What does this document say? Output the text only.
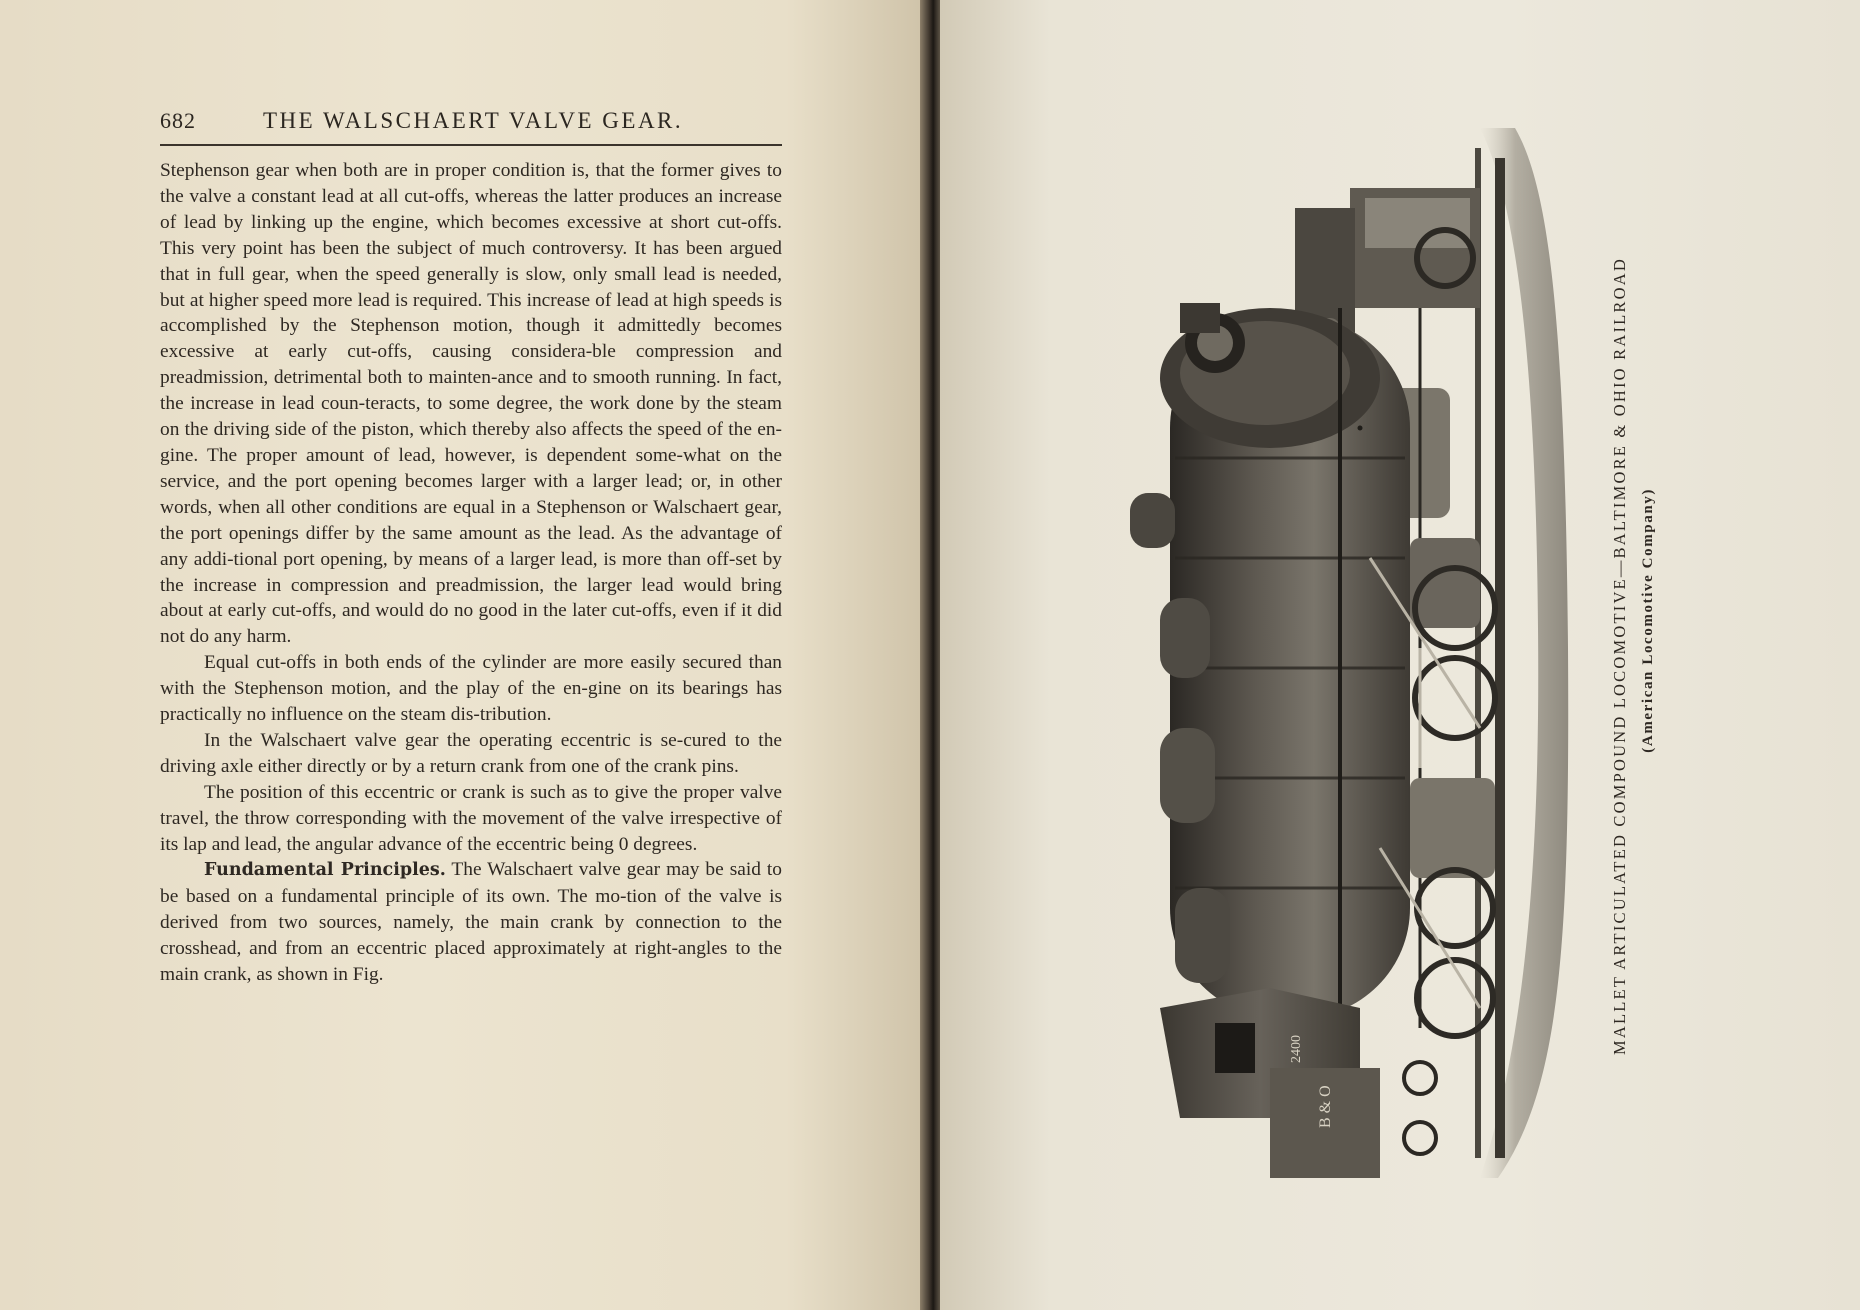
682	THE WALSCHAERT VALVE GEAR.

Stephenson gear when both are in proper condition is, that the former gives to the valve a constant lead at all cut-offs, whereas the latter produces an increase of lead by linking up the engine, which becomes excessive at short cut-offs. This very point has been the subject of much controversy. It has been argued that in full gear, when the speed generally is slow, only small lead is needed, but at higher speed more lead is required. This increase of lead at high speeds is accomplished by the Stephenson motion, though it admittedly becomes excessive at early cut-offs, causing considera-ble compression and preadmission, detrimental both to mainten-ance and to smooth running. In fact, the increase in lead coun-teracts, to some degree, the work done by the steam on the driving side of the piston, which thereby also affects the speed of the en-gine. The proper amount of lead, however, is dependent some-what on the service, and the port opening becomes larger with a larger lead; or, in other words, when all other conditions are equal in a Stephenson or Walschaert gear, the port openings differ by the same amount as the lead. As the advantage of any addi-tional port opening, by means of a larger lead, is more than off-set by the increase in compression and preadmission, the larger lead would bring about at early cut-offs, and would do no good in the later cut-offs, even if it did not do any harm.

Equal cut-offs in both ends of the cylinder are more easily secured than with the Stephenson motion, and the play of the en-gine on its bearings has practically no influence on the steam dis-tribution.

In the Walschaert valve gear the operating eccentric is se-cured to the driving axle either directly or by a return crank from one of the crank pins.

The position of this eccentric or crank is such as to give the proper valve travel, the throw corresponding with the movement of the valve irrespective of its lap and lead, the angular advance of the eccentric being 0 degrees.

Fundamental Principles. The Walschaert valve gear may be said to be based on a fundamental principle of its own. The mo-tion of the valve is derived from two sources, namely, the main crank by connection to the crosshead, and from an eccentric placed approximately at right-angles to the main crank, as shown in Fig.

2400
B & O
MALLET ARTICULATED COMPOUND LOCOMOTIVE—BALTIMORE & OHIO RAILROAD (American Locomotive Company)
